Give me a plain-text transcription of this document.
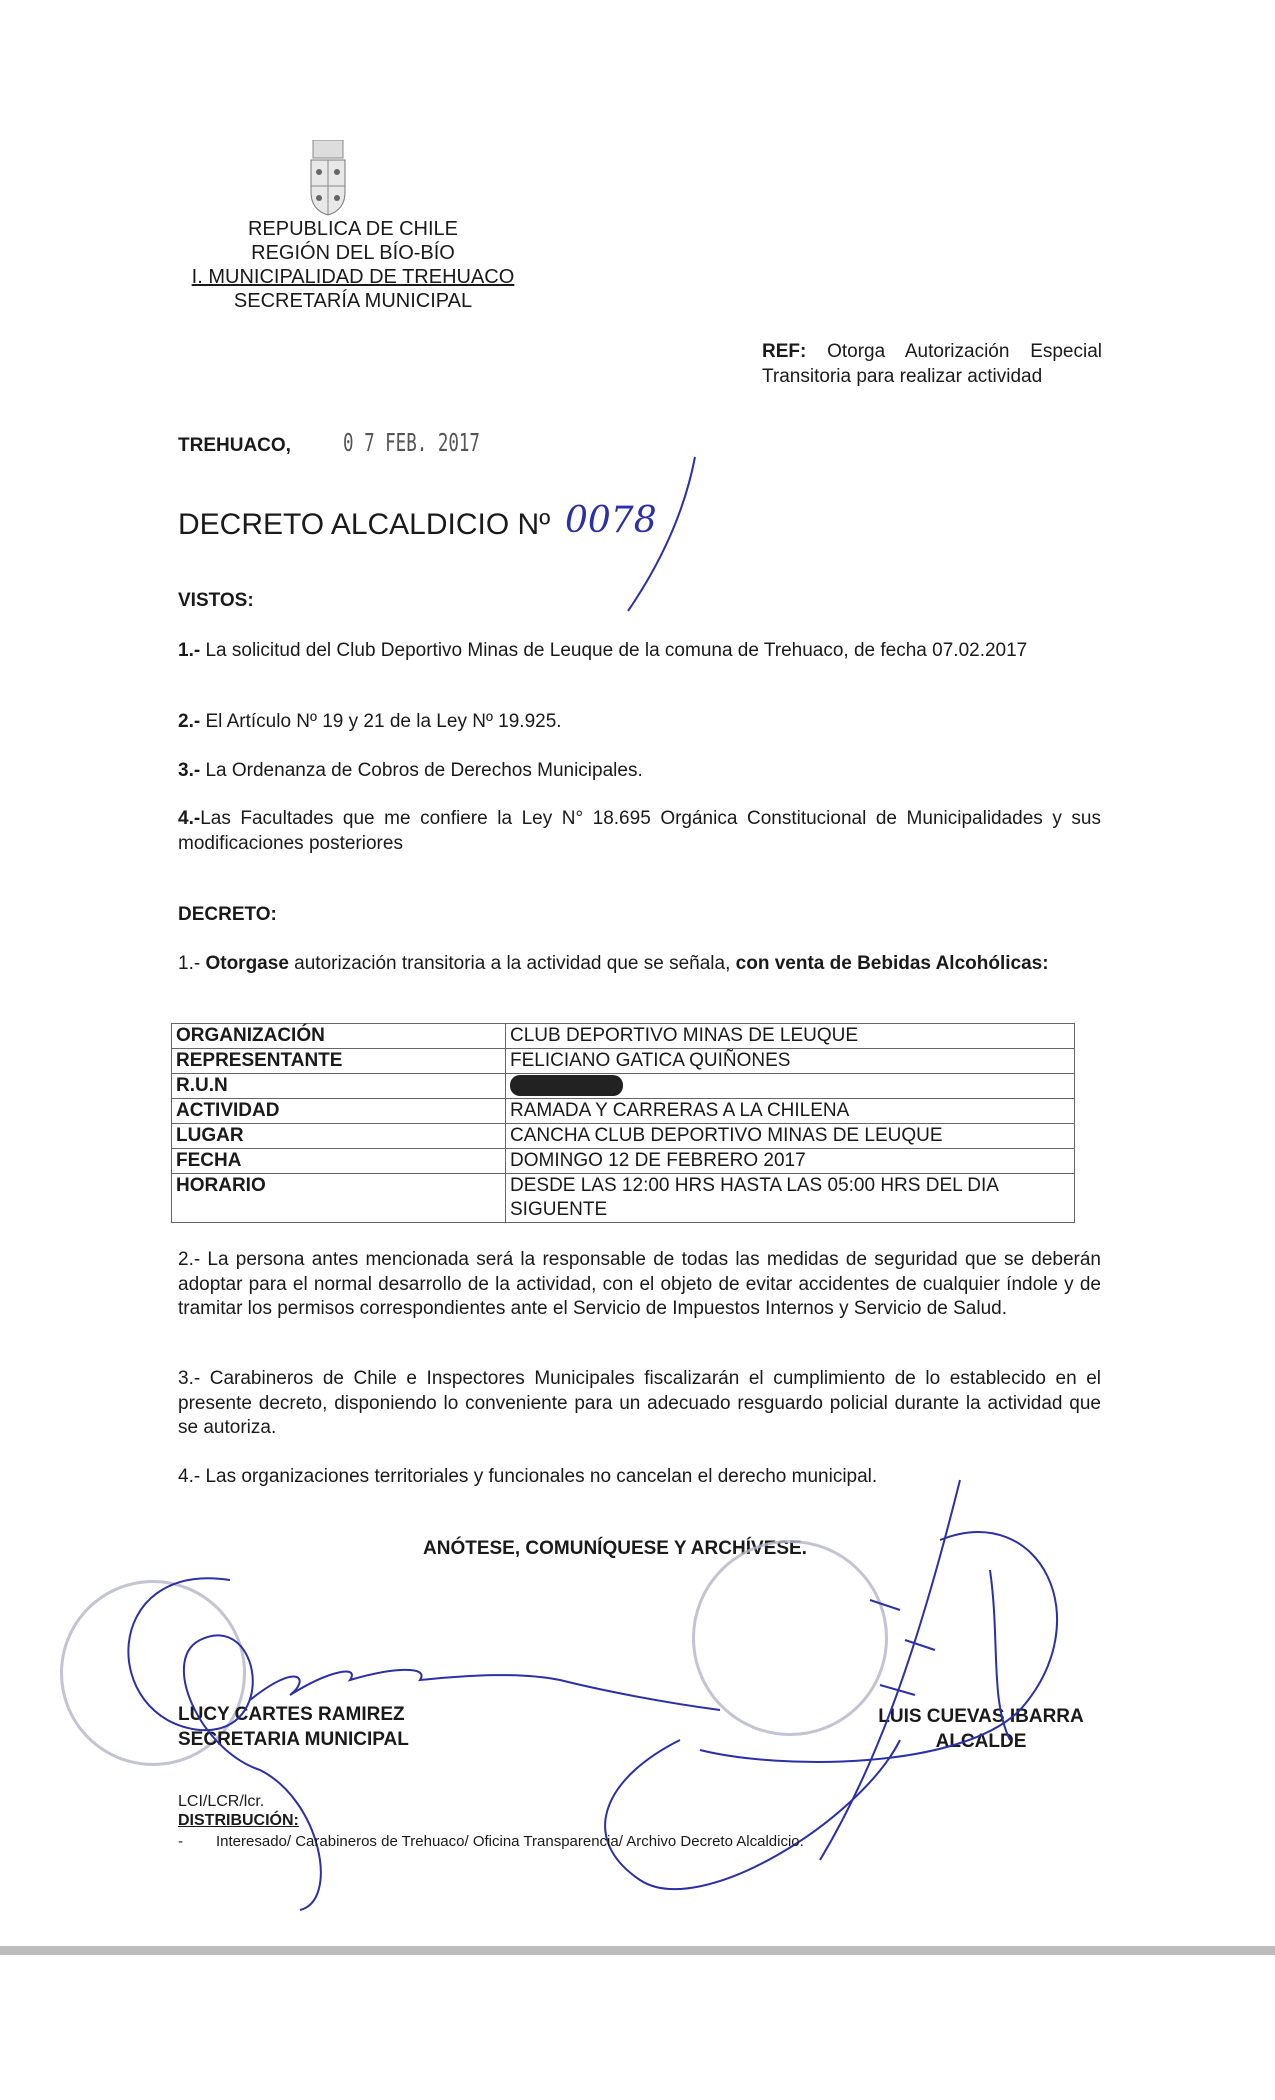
REPUBLICA DE CHILE
REGIÓN DEL BÍO-BÍO
I. MUNICIPALIDAD DE TREHUACO
SECRETARÍA MUNICIPAL
REF: Otorga Autorización Especial Transitoria para realizar actividad
TREHUACO, 0 7 FEB. 2017
DECRETO ALCALDICIO Nº 0078
VISTOS:
1.- La solicitud del Club Deportivo Minas de Leuque de la comuna de Trehuaco, de fecha 07.02.2017
2.- El Artículo Nº 19 y 21 de la Ley Nº 19.925.
3.- La Ordenanza de Cobros de Derechos Municipales.
4.-Las Facultades que me confiere la Ley N° 18.695 Orgánica Constitucional de Municipalidades y sus modificaciones posteriores
DECRETO:
1.- Otorgase autorización transitoria a la actividad que se señala, con venta de Bebidas Alcohólicas:
ORGANIZACIÓN	CLUB DEPORTIVO MINAS DE LEUQUE
REPRESENTANTE	FELICIANO GATICA QUIÑONES
R.U.N	7.448.897-3
ACTIVIDAD	RAMADA Y CARRERAS A LA CHILENA
LUGAR	CANCHA CLUB DEPORTIVO MINAS DE LEUQUE
FECHA	DOMINGO 12 DE FEBRERO 2017
HORARIO	DESDE LAS 12:00 HRS HASTA LAS 05:00 HRS DEL DIA SIGUENTE
2.- La persona antes mencionada será la responsable de todas las medidas de seguridad que se deberán adoptar para el normal desarrollo de la actividad, con el objeto de evitar accidentes de cualquier índole y de tramitar los permisos correspondientes ante el Servicio de Impuestos Internos y Servicio de Salud.
3.- Carabineros de Chile e Inspectores Municipales fiscalizarán el cumplimiento de lo establecido en el presente decreto, disponiendo lo conveniente para un adecuado resguardo policial durante la actividad que se autoriza.
4.- Las organizaciones territoriales y funcionales no cancelan el derecho municipal.
ANÓTESE, COMUNÍQUESE Y ARCHÍVESE.
LUCY CARTES RAMIREZ
SECRETARIA MUNICIPAL
LUIS CUEVAS IBARRA
ALCALDE
LCI/LCR/lcr.
DISTRIBUCIÓN:
- Interesado/ Carabineros de Trehuaco/ Oficina Transparencia/ Archivo Decreto Alcaldicio.
